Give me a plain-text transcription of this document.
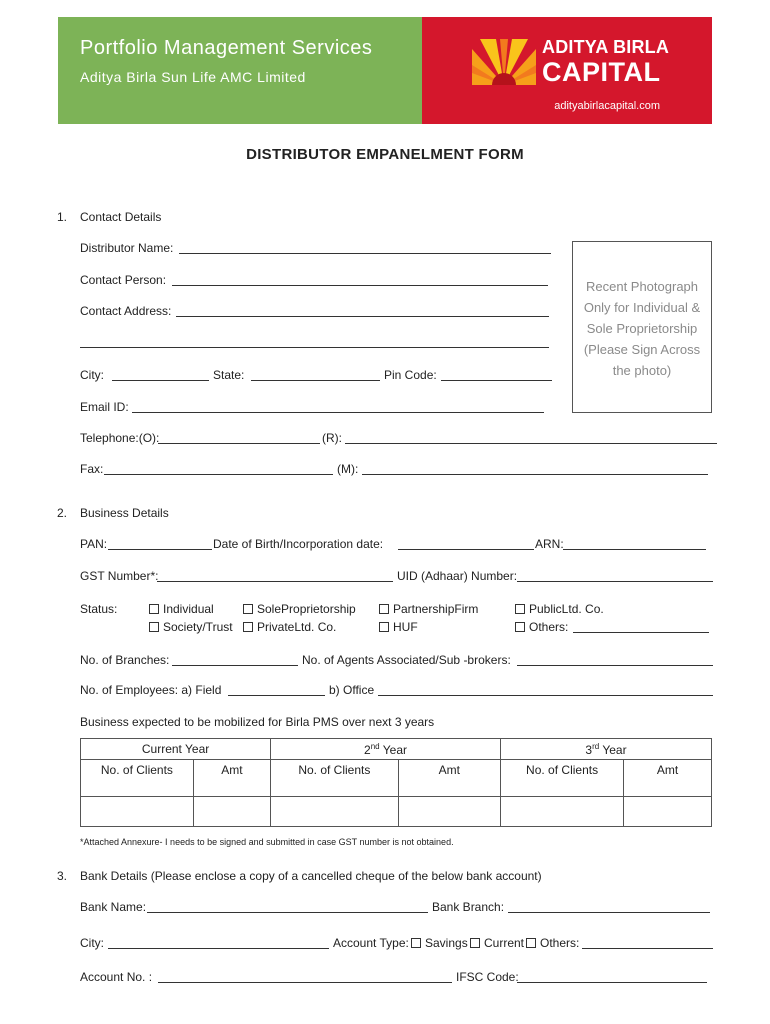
Portfolio Management Services
Aditya Birla Sun Life AMC Limited
ADITYA BIRLA
CAPITAL
adityabirlacapital.com
DISTRIBUTOR EMPANELMENT FORM
1. Contact Details
Distributor Name:
Contact Person:
Contact Address:
City:	State:	Pin Code:
Email ID:
Telephone:(O):	(R):
Fax:	(M):
Recent Photograph Only for Individual & Sole Proprietorship (Please Sign Across the photo)
2. Business Details
PAN:	Date of Birth/Incorporation date:	ARN:
GST Number*:	UID (Adhaar) Number:
Status:	Individual	SoleProprietorship	PartnershipFirm	PublicLtd. Co.
Society/Trust	PrivateLtd. Co.	HUF	Others:
No. of Branches:	No. of Agents Associated/Sub -brokers:
No. of Employees: a) Field	b) Office
Business expected to be mobilized for Birla PMS over next 3 years
Current Year		2nd Year		3rd Year	
No. of Clients	Amt	No. of Clients	Amt	No. of Clients	Amt

*Attached Annexure- I needs to be signed and submitted in case GST number is not obtained.
3. Bank Details (Please enclose a copy of a cancelled cheque of the below bank account)
Bank Name:	Bank Branch:
City:	Account Type:	Savings	Current	Others:
Account No. :	IFSC Code:
